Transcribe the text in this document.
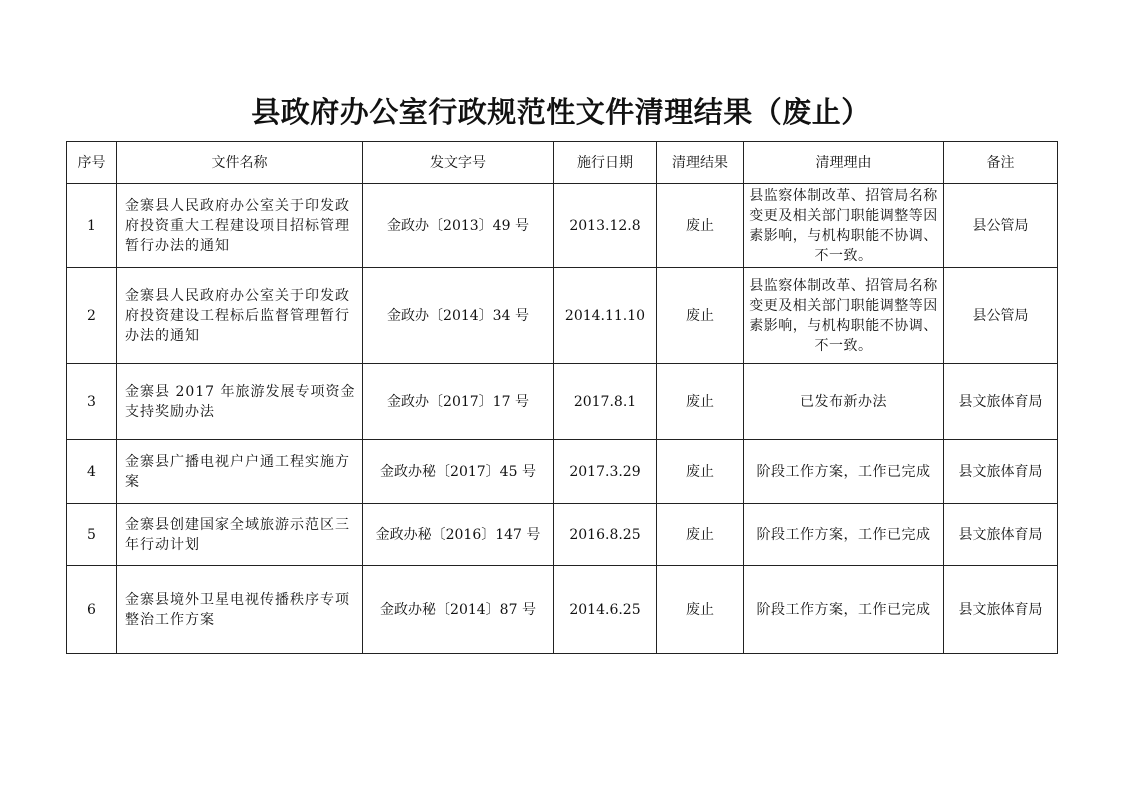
县政府办公室行政规范性文件清理结果（废止）
序号	文件名称	发文字号	施行日期	清理结果	清理理由	备注
1	金寨县人民政府办公室关于印发政府投资重大工程建设项目招标管理暂行办法的通知	金政办〔2013〕49 号	2013.12.8	废止	县监察体制改革、招管局名称变更及相关部门职能调整等因素影响，与机构职能不协调、不一致。	县公管局
2	金寨县人民政府办公室关于印发政府投资建设工程标后监督管理暂行办法的通知	金政办〔2014〕34 号	2014.11.10	废止	县监察体制改革、招管局名称变更及相关部门职能调整等因素影响，与机构职能不协调、不一致。	县公管局
3	金寨县 2017 年旅游发展专项资金支持奖励办法	金政办〔2017〕17 号	2017.8.1	废止	已发布新办法	县文旅体育局
4	金寨县广播电视户户通工程实施方案	金政办秘〔2017〕45 号	2017.3.29	废止	阶段工作方案，工作已完成	县文旅体育局
5	金寨县创建国家全域旅游示范区三年行动计划	金政办秘〔2016〕147 号	2016.8.25	废止	阶段工作方案，工作已完成	县文旅体育局
6	金寨县境外卫星电视传播秩序专项整治工作方案	金政办秘〔2014〕87 号	2014.6.25	废止	阶段工作方案，工作已完成	县文旅体育局
